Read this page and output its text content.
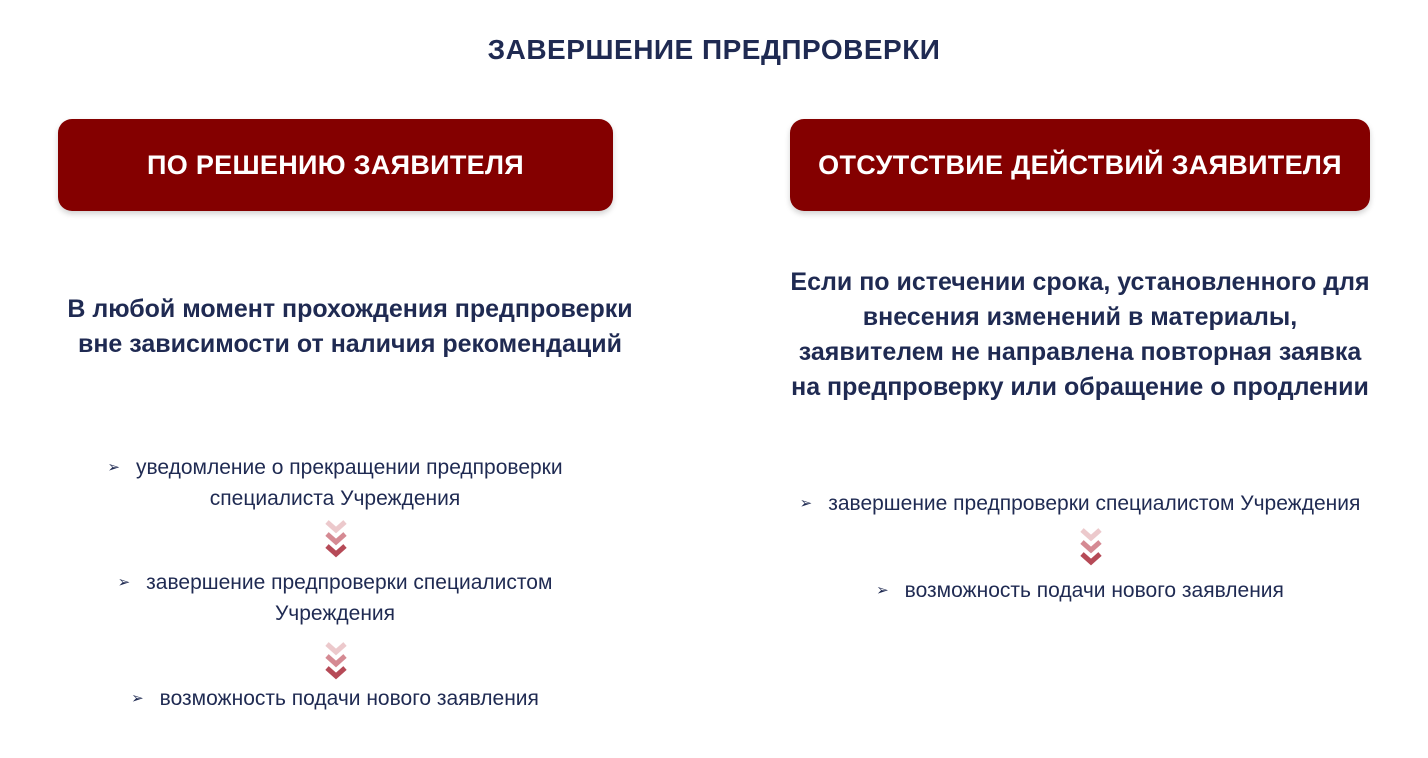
ЗАВЕРШЕНИЕ ПРЕДПРОВЕРКИ
ПО РЕШЕНИЮ ЗАЯВИТЕЛЯ
В любой момент прохождения предпроверки
вне зависимости от наличия рекомендаций
➢ уведомление о прекращении предпроверки
специалиста Учреждения
➢ завершение предпроверки специалистом
Учреждения
➢ возможность подачи нового заявления
ОТСУТСТВИЕ ДЕЙСТВИЙ ЗАЯВИТЕЛЯ
Если по истечении срока, установленного для
внесения изменений в материалы,
заявителем не направлена повторная заявка
на предпроверку или обращение о продлении
➢ завершение предпроверки специалистом Учреждения
➢ возможность подачи нового заявления
